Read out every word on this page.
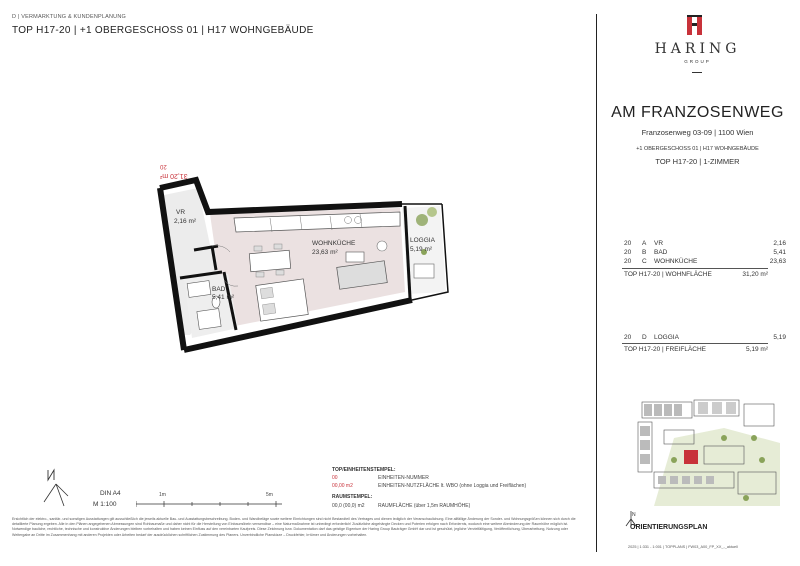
D | VERMARKTUNG & KUNDENPLANUNG
TOP H17-20 | +1 OBERGESCHOSS 01 | H17 WOHNGEBÄUDE
HARING
GROUP
AM FRANZOSENWEG
Franzosenweg 03-09 | 1100 Wien
+1 OBERGESCHOSS 01 | H17 WOHNGEBÄUDE
TOP H17-20 | 1-ZIMMER
20	A	VR	2,16
20	B	BAD	5,41
20	C	WOHNKÜCHE	23,63
TOP H17-20 | WOHNFLÄCHE	31,20 m²
20	D	LOGGIA	5,19
TOP H17-20 | FREIFLÄCHE	5,19 m²
N
ORIENTIERUNGSPLAN
2025 | 1:331 - 1:001 | TOPPLANS | FW03_A00_FP_XX_-_aktuell
VR
2,16 m²
WOHNKÜCHE
23,63 m²
LOGGIA
5,19 m²
BAD
5,41 m²
31,20 m²
20
DIN A4
M 1:100
1m	5m
TOP/EINHEITENSTEMPEL:
00	EINHEITEN-NUMMER
00,00 m2	EINHEITEN-NUTZFLÄCHE lt. WBO (ohne Loggia und Freiflächen)
RAUMSTEMPEL:
00,0 (00,0) m2	RAUMFLÄCHE (über 1,5m RAUMHÖHE)
Ersichtlich der elektro-, sanitär- und sonstigen Ausstattungen gilt ausschließlich die jeweils aktuelle Bau- und Ausstattungsbeschreibung. Boden- und Wandbeläge sowie weitere Einrichtungen sind nicht Bestandteil des Vertrages und dienen lediglich der Veranschaulichung. Eine allfällige Änderung der Sonder- und Wohnungsgrößen können sich durch die detaillierte Planung ergeben. Alle in den Plänen angegebenen Abmessungen sind Rohbaumaße und daher nicht für die Herstellung von Einbaumöbeln verwendbar – eine Naturmaßnahme ist unbedingt erforderlich! Zusätzliche abgehängte Decken und Poterien erfolgen nach Erfordernis, wodurch eine weitere Abminderung der Raumhöhe möglich ist. Notwendige bauliche, rechtliche, technische und konstruktive Änderungen bleiben vorbehalten und haben keinen Einfluss auf den vereinbarten Kaufpreis. Diese Zeichnung bzw. Dokumentation darf das geistige Eigentum der Haring Group Bauträger GmbH dar und ist geschützt, jegliche Vervielfältigung, Veröffentlichung, Überarbeitung, Nutzung oder Weitergabe an Dritte im Zusammenhang mit anderen Projekten oder Arbeiten bedarf der ausdrücklichen schriftlichen Zustimmung des Planers. Unverbindliche Planskizze – Druckfehler, Irrtümer und Änderungen vorbehalten.
